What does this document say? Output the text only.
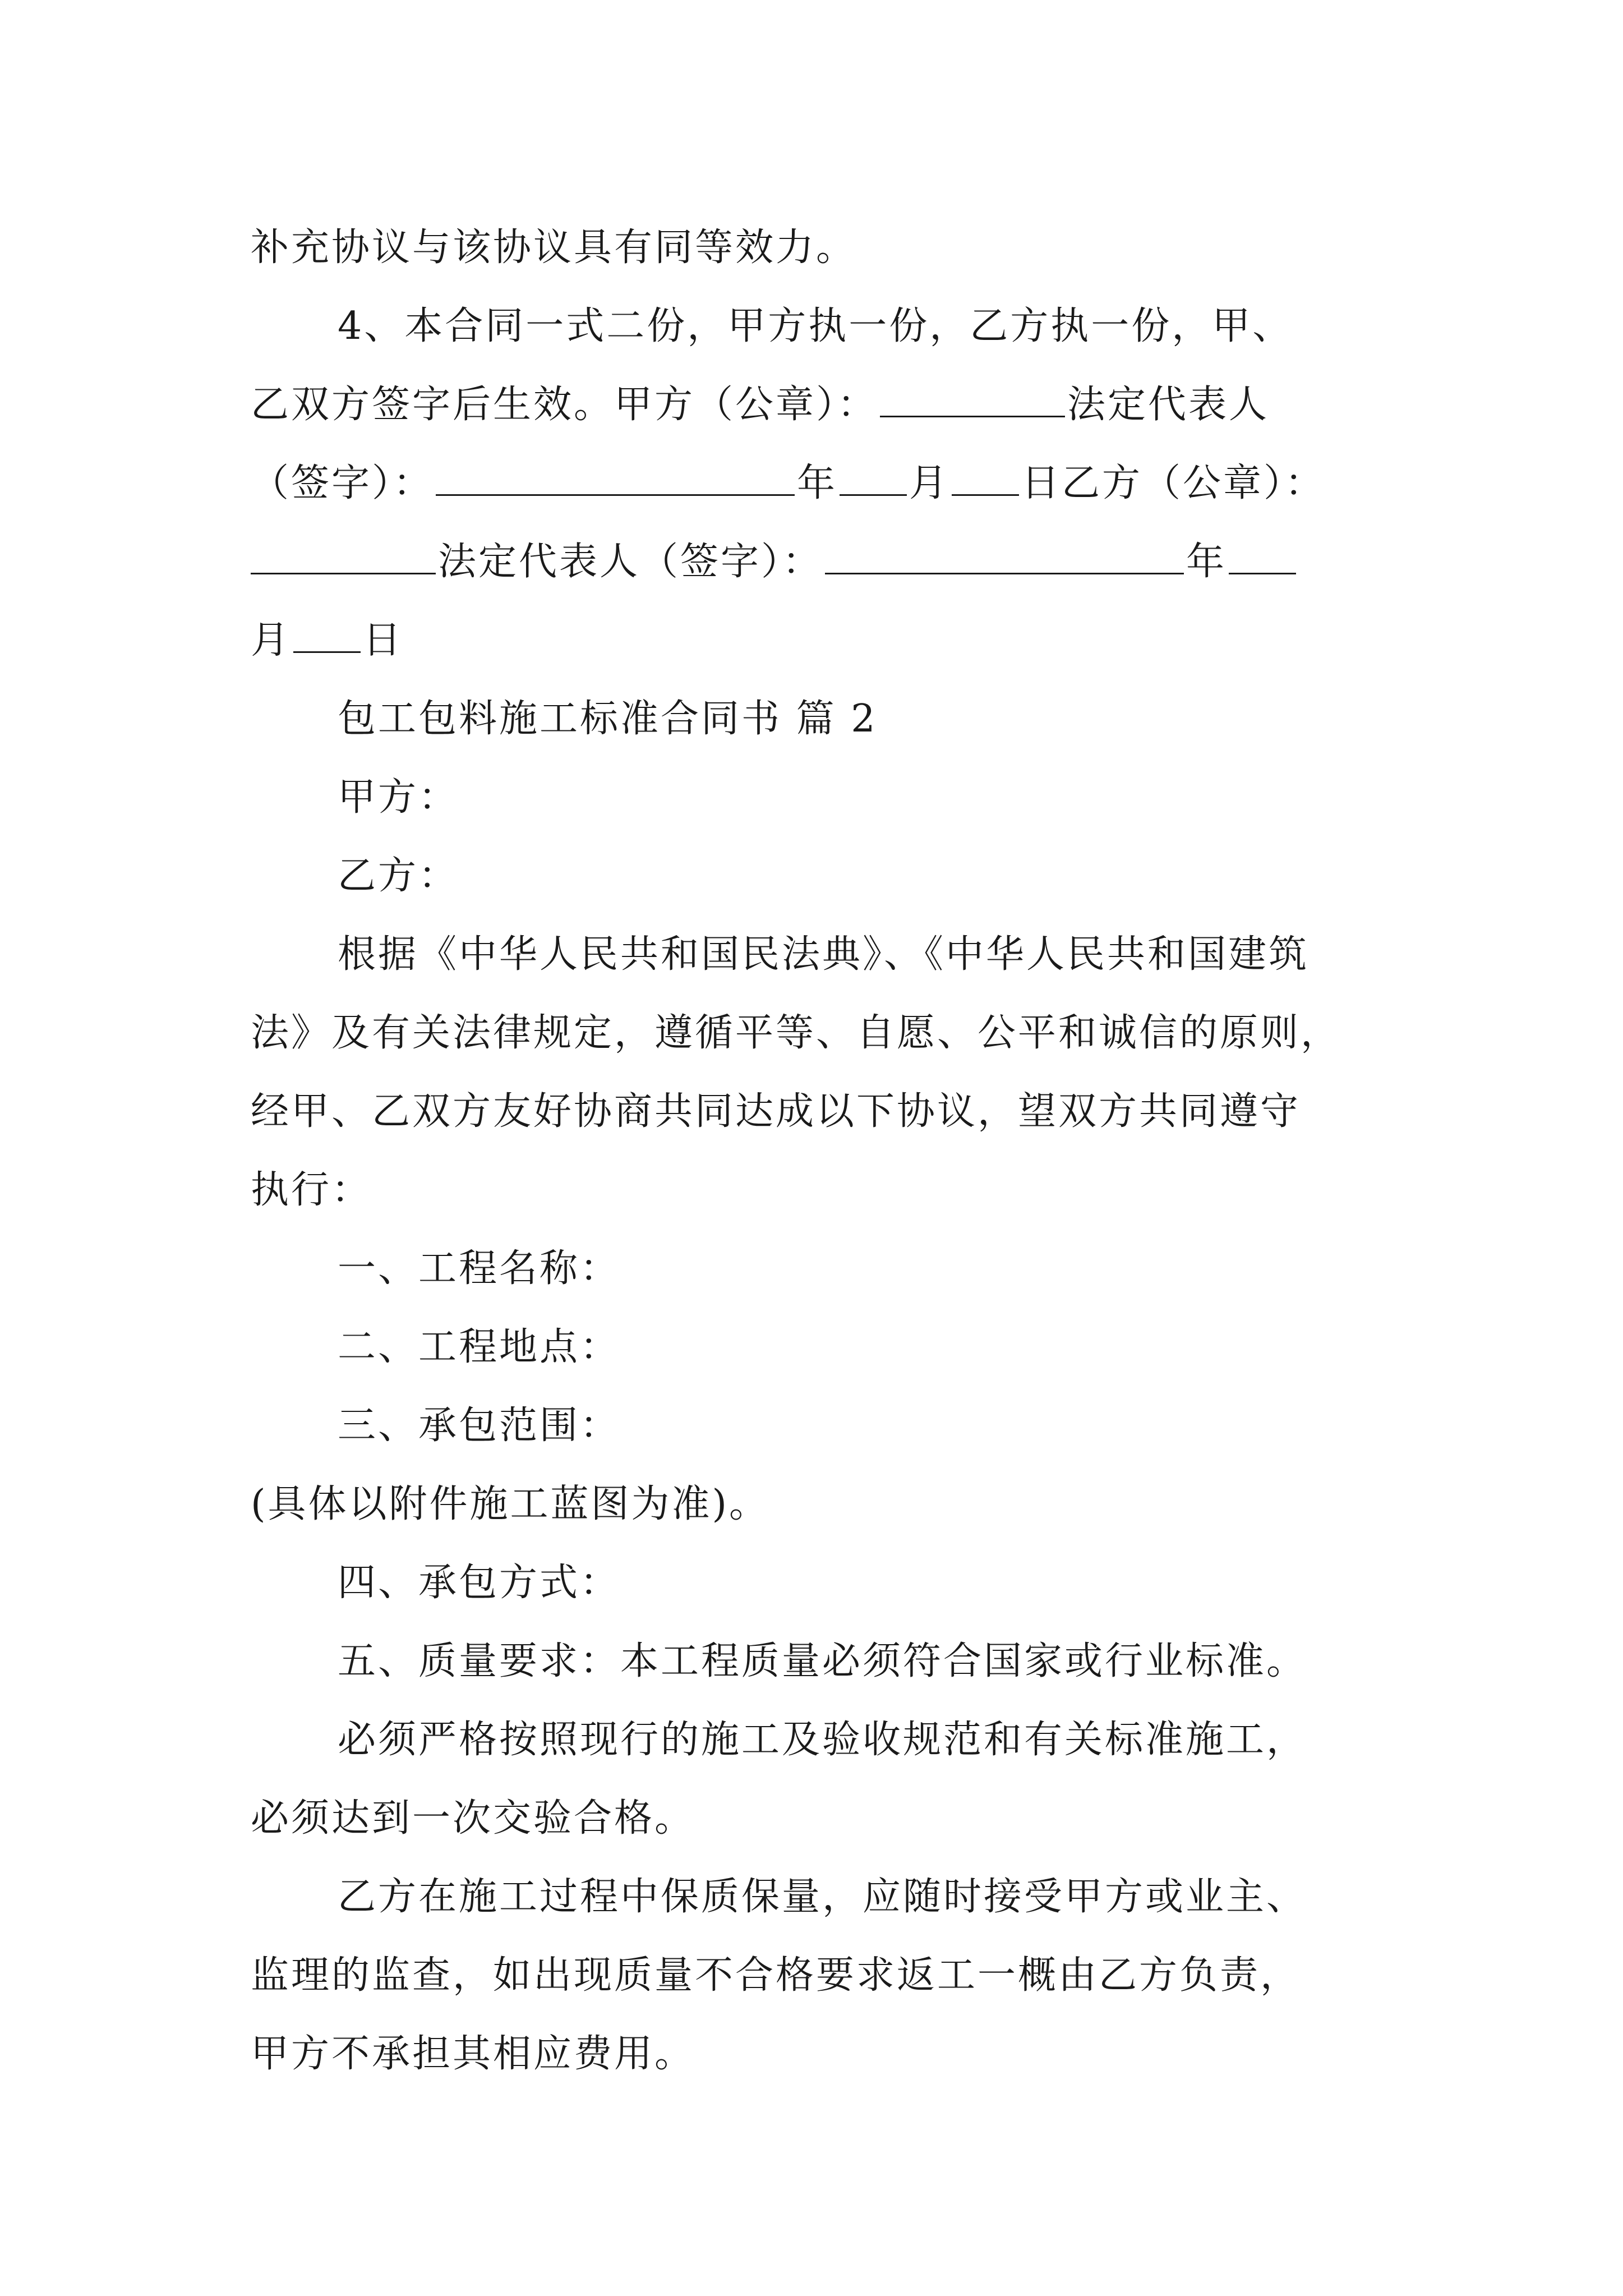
补充协议与该协议具有同等效力。
4、本合同一式二份，甲方执一份，乙方执一份，甲、
乙双方签字后生效。甲方（公章）：	法定代表人
（签字）：	年 月 日乙方（公章）：
法定代表人（签字）：	年
月 日
包工包料施工标准合同书 篇 2
甲方：
乙方：
根据《中华人民共和国民法典》、《中华人民共和国建筑
法》及有关法律规定，遵循平等、自愿、公平和诚信的原则，
经甲、乙双方友好协商共同达成以下协议，望双方共同遵守
执行：
一、工程名称：
二、工程地点：
三、承包范围：
(具体以附件施工蓝图为准)。
四、承包方式：
五、质量要求：本工程质量必须符合国家或行业标准。
必须严格按照现行的施工及验收规范和有关标准施工，
必须达到一次交验合格。
乙方在施工过程中保质保量，应随时接受甲方或业主、
监理的监查，如出现质量不合格要求返工一概由乙方负责，
甲方不承担其相应费用。
